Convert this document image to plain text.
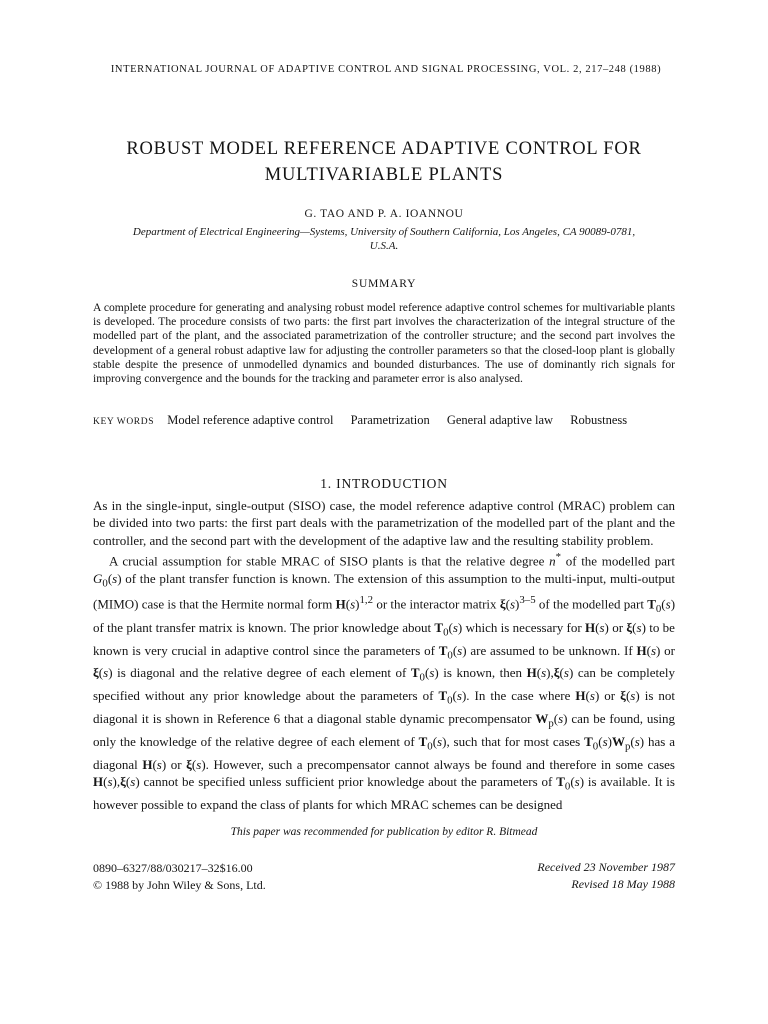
INTERNATIONAL JOURNAL OF ADAPTIVE CONTROL AND SIGNAL PROCESSING, VOL. 2, 217–248 (1988)
ROBUST MODEL REFERENCE ADAPTIVE CONTROL FOR
MULTIVARIABLE PLANTS
G. TAO AND P. A. IOANNOU
Department of Electrical Engineering—Systems, University of Southern California, Los Angeles, CA 90089-0781,
U.S.A.
SUMMARY
A complete procedure for generating and analysing robust model reference adaptive control schemes for multivariable plants is developed. The procedure consists of two parts: the first part involves the characterization of the integral structure of the modelled part of the plant, and the associated parametrization of the controller structure; and the second part involves the development of a general robust adaptive law for adjusting the controller parameters so that the closed-loop plant is globally stable despite the presence of unmodelled dynamics and bounded disturbances. The use of dominantly rich signals for improving convergence and the bounds for the tracking and parameter error is also analysed.
KEY WORDS Model reference adaptive control Parametrization General adaptive law Robustness
1. INTRODUCTION

As in the single-input, single-output (SISO) case, the model reference adaptive control (MRAC) problem can be divided into two parts: the first part deals with the parametrization of the modelled part of the plant and the controller, and the second part with the development of the adaptive law and the resulting stability problem.

A crucial assumption for stable MRAC of SISO plants is that the relative degree n* of the modelled part $G_0(s)$ of the plant transfer function is known. The extension of this assumption to the multi-input, multi-output (MIMO) case is that the Hermite normal form $H(s)^{1,2}$ or the interactor matrix $\xi(s)^{3-5}$ of the modelled part $T_0(s)$ of the plant transfer matrix is known. The prior knowledge about $T_0(s)$ which is necessary for H(s) or ξ(s) to be known is very crucial in adaptive control since the parameters of $T_0(s)$ are assumed to be unknown. If H(s) or ξ(s) is diagonal and the relative degree of each element of $T_0(s)$ is known, then H(s),ξ(s) can be completely specified without any prior knowledge about the parameters of $T_0(s)$. In the case where H(s) or ξ(s) is not diagonal it is shown in Reference 6 that a diagonal stable dynamic precompensator $W_p(s)$ can be found, using only the knowledge of the relative degree of each element of $T_0(s)$, such that for most cases $T_0(s)W_p(s)$ has a diagonal H(s) or ξ(s). However, such a precompensator cannot always be found and therefore in some cases H(s),ξ(s) cannot be specified unless sufficient prior knowledge about the parameters of $T_0(s)$ is available. It is however possible to expand the class of plants for which MRAC schemes can be designed

This paper was recommended for publication by editor R. Bitmead
0890–6327/88/030217–32$16.00
© 1988 by John Wiley & Sons, Ltd.
Received 23 November 1987
Revised 18 May 1988
